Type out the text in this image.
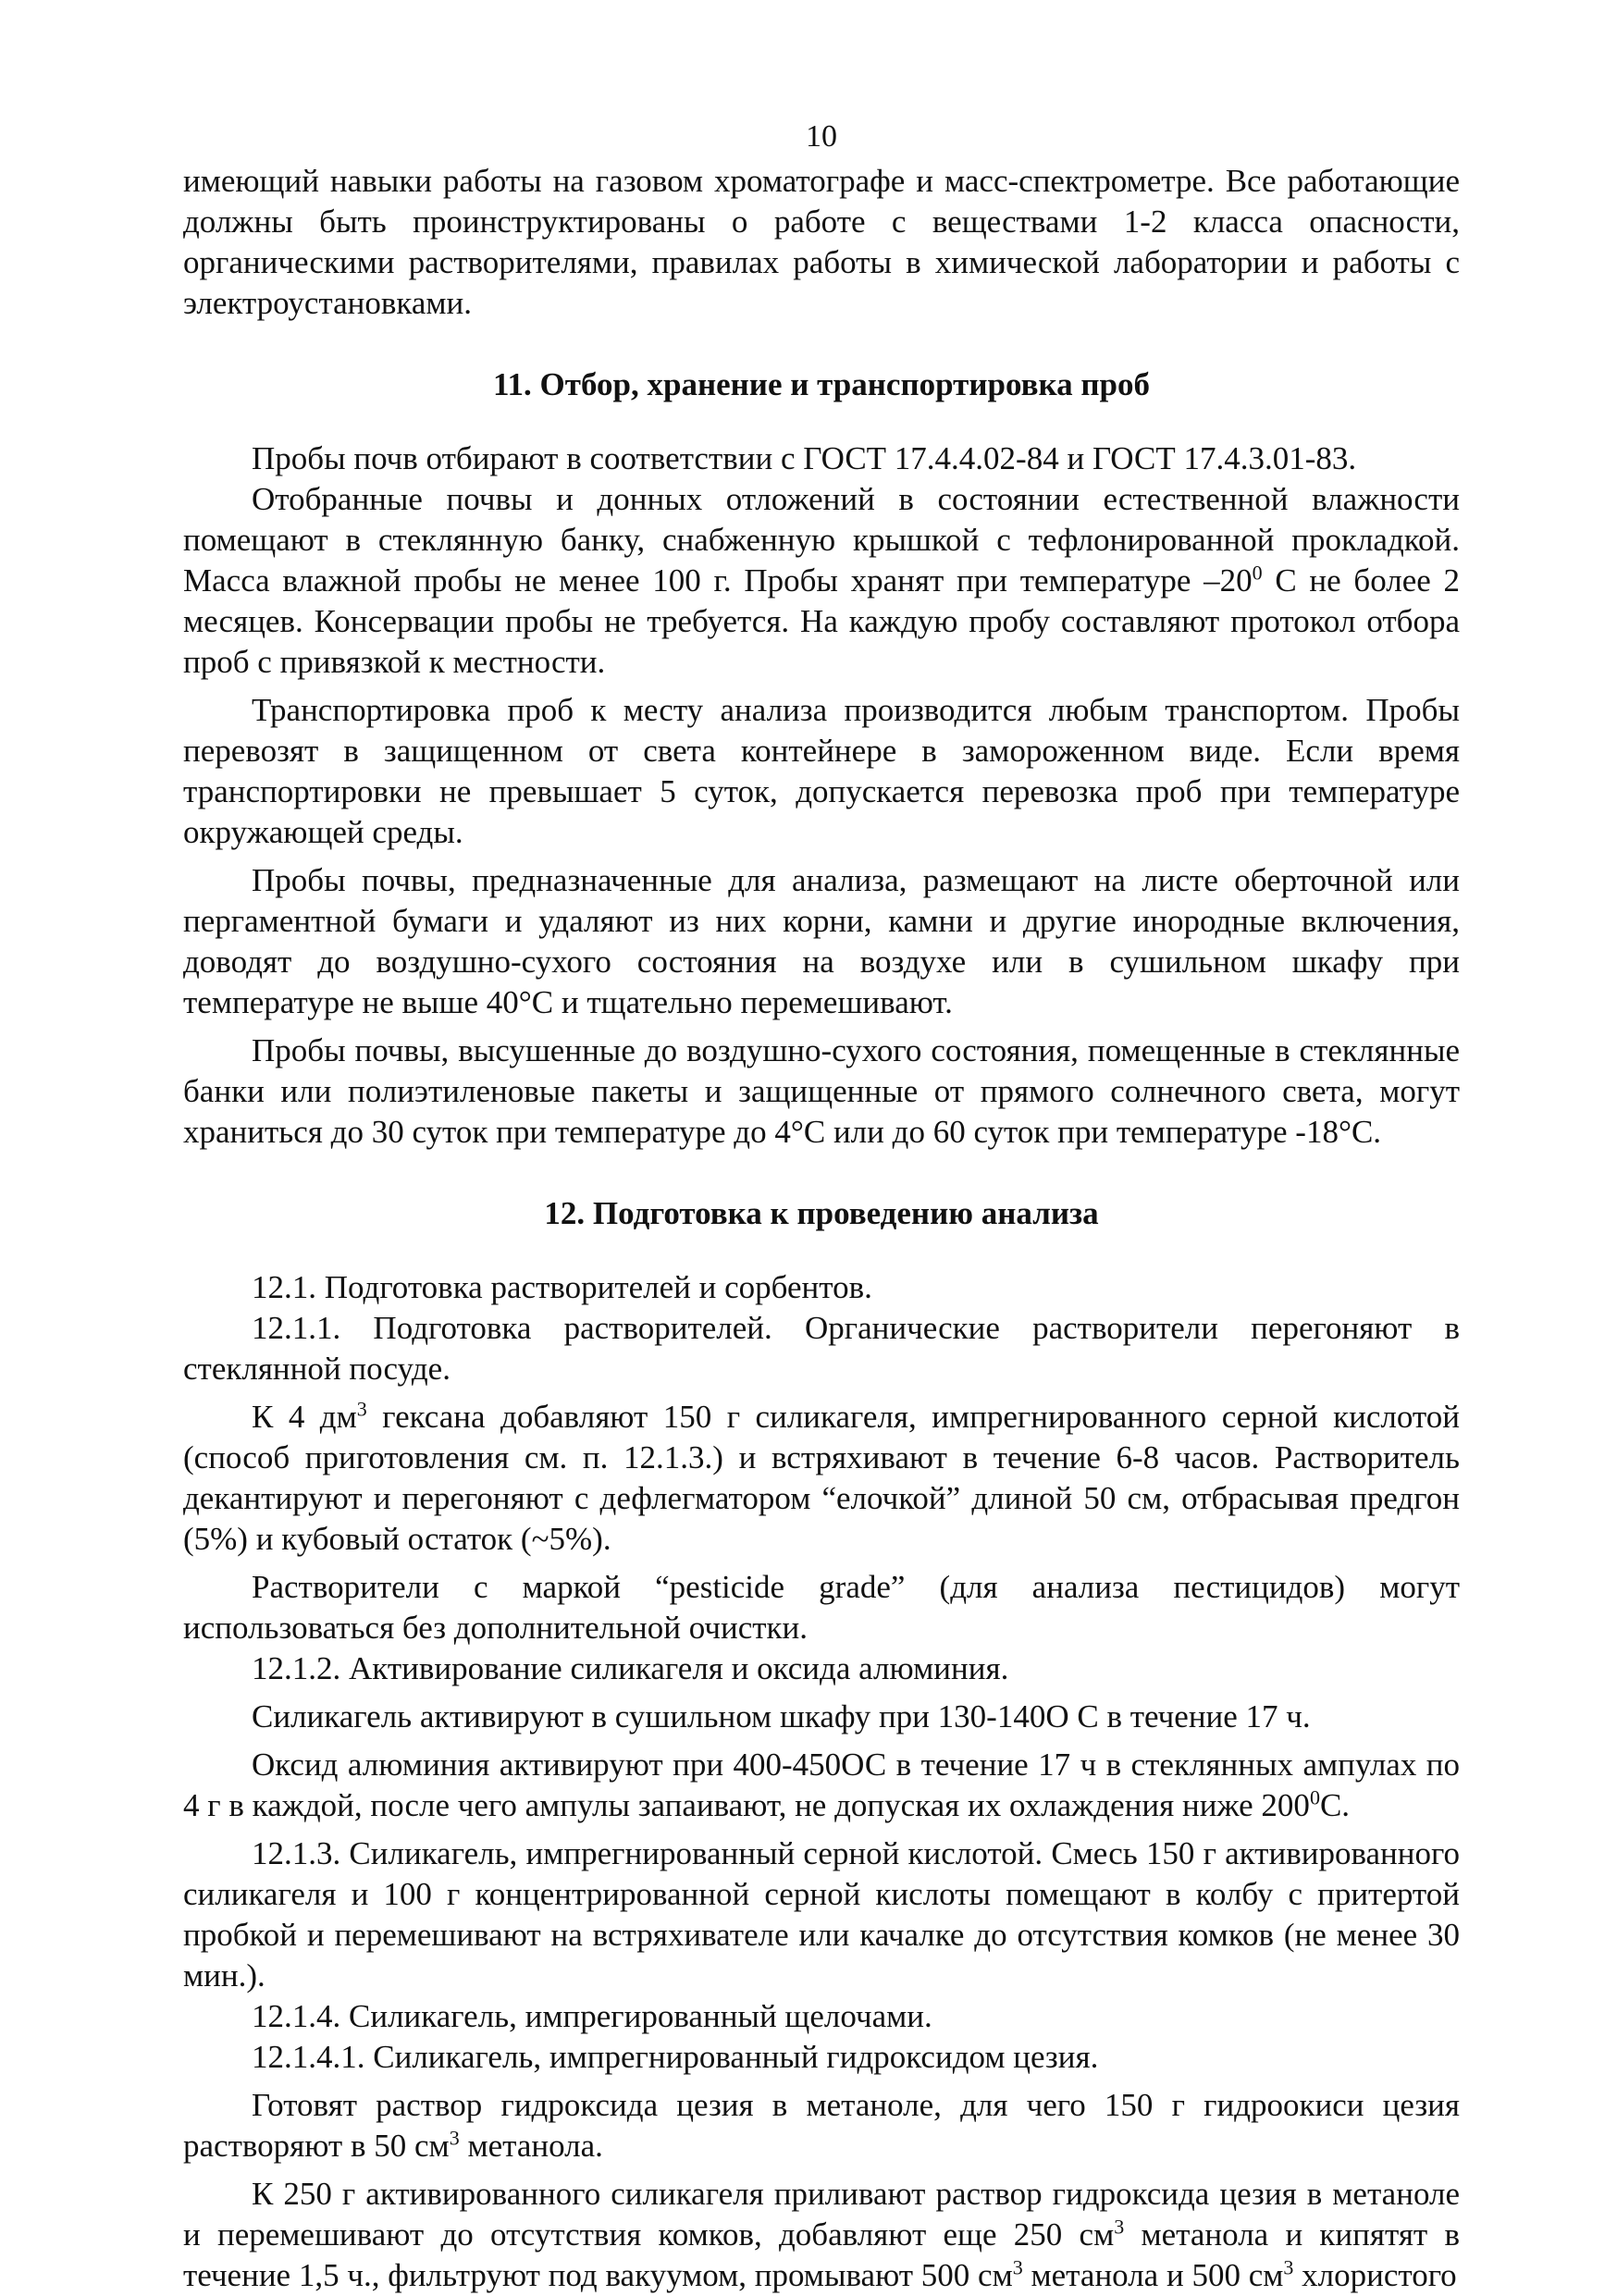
10

имеющий навыки работы на газовом хроматографе и масс-спектрометре. Все работающие должны быть проинструктированы о работе с веществами 1-2 класса опасности, органическими растворителями, правилах работы в химической лаборатории и работы с электроустановками.

11. Отбор, хранение и транспортировка проб

Пробы почв отбирают в соответствии с ГОСТ 17.4.4.02-84 и ГОСТ 17.4.3.01-83.

Отобранные почвы и донных отложений в состоянии естественной влажности помещают в стеклянную банку, снабженную крышкой с тефлонированной прокладкой. Масса влажной пробы не менее 100 г. Пробы хранят при температуре $-20^0$ С не более 2 месяцев. Консервации пробы не требуется. На каждую пробу составляют протокол отбора проб с привязкой к местности.

Транспортировка проб к месту анализа производится любым транспортом. Пробы перевозят в защищенном от света контейнере в замороженном виде. Если время транспортировки не превышает 5 суток, допускается перевозка проб при температуре окружающей среды.

Пробы почвы, предназначенные для анализа, размещают на листе оберточной или пергаментной бумаги и удаляют из них корни, камни и другие инородные включения, доводят до воздушно-сухого состояния на воздухе или в сушильном шкафу при температуре не выше 40°С и тщательно перемешивают.

Пробы почвы, высушенные до воздушно-сухого состояния, помещенные в стеклянные банки или полиэтиленовые пакеты и защищенные от прямого солнечного света, могут храниться до 30 суток при температуре до 4°С или до 60 суток при температуре -18°С.

12. Подготовка к проведению анализа

12.1. Подготовка растворителей и сорбентов.

12.1.1. Подготовка растворителей. Органические растворители перегоняют в стеклянной посуде.

К 4 $дм^3$ гексана добавляют 150 г силикагеля, импрегнированного серной кислотой (способ приготовления см. п. 12.1.3.) и встряхивают в течение 6-8 часов. Растворитель декантируют и перегоняют с дефлегматором “елочкой” длиной 50 см, отбрасывая предгон (5%) и кубовый остаток (~5%).

Растворители с маркой “pesticide grade” (для анализа пестицидов) могут использоваться без дополнительной очистки.

12.1.2. Активирование силикагеля и оксида алюминия.

Силикагель активируют в сушильном шкафу при 130-140О С в течение 17 ч.

Оксид алюминия активируют при 400-450ОС в течение 17 ч в стеклянных ампулах по 4 г в каждой, после чего ампулы запаивают, не допуская их охлаждения ниже $200^0С$.

12.1.3. Силикагель, импрегнированный серной кислотой. Смесь 150 г активированного силикагеля и 100 г концентрированной серной кислоты помещают в колбу с притертой пробкой и перемешивают на встряхивателе или качалке до отсутствия комков (не менее 30 мин.).

12.1.4. Силикагель, импрегированный щелочами.

12.1.4.1. Силикагель, импрегнированный гидроксидом цезия.

Готовят раствор гидроксида цезия в метаноле, для чего 150 г гидроокиси цезия растворяют в 50 $см^3$ метанола.

К 250 г активированного силикагеля приливают раствор гидроксида цезия в метаноле и перемешивают до отсутствия комков, добавляют еще 250 $см^3$ метанола и кипятят в течение 1,5 ч., фильтруют под вакуумом, промывают 500 $см^3$ метанола и 500 $см^3$ хлористого
